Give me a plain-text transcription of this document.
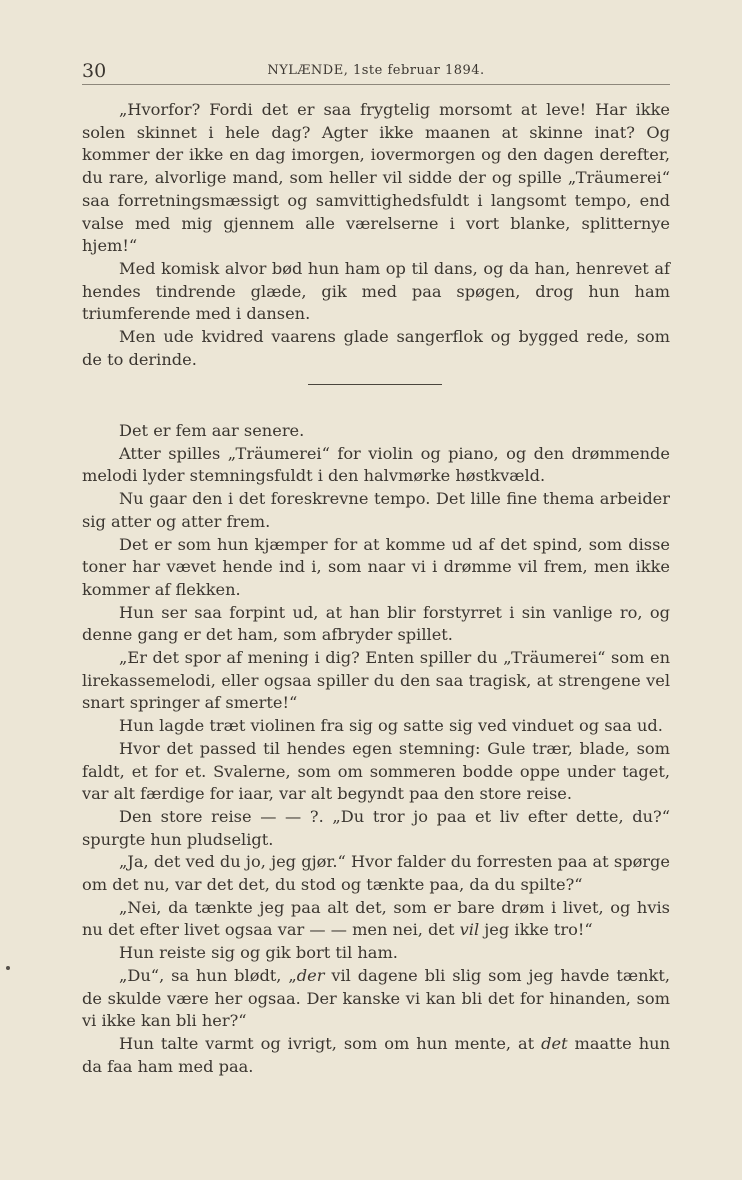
30	NYLÆNDE, 1ste februar 1894.

„Hvorfor? Fordi det er saa frygtelig morsomt at leve! Har ikke solen skinnet i hele dag? Agter ikke maanen at skinne inat? Og kommer der ikke en dag imorgen, iovermorgen og den dagen derefter, du rare, alvorlige mand, som heller vil sidde der og spille „Träumerei“ saa forretningsmæssigt og samvittighedsfuldt i langsomt tempo, end valse med mig gjennem alle værelserne i vort blanke, splitternye hjem!“

Med komisk alvor bød hun ham op til dans, og da han, henrevet af hendes tindrende glæde, gik med paa spøgen, drog hun ham triumferende med i dansen.

Men ude kvidred vaarens glade sangerflok og bygged rede, som de to derinde.

Det er fem aar senere.

Atter spilles „Träumerei“ for violin og piano, og den drømmende melodi lyder stemningsfuldt i den halvmørke høstkvæld.

Nu gaar den i det foreskrevne tempo. Det lille fine thema arbeider sig atter og atter frem.

Det er som hun kjæmper for at komme ud af det spind, som disse toner har vævet hende ind i, som naar vi i drømme vil frem, men ikke kommer af flekken.

Hun ser saa forpint ud, at han blir forstyrret i sin vanlige ro, og denne gang er det ham, som afbryder spillet.

„Er det spor af mening i dig? Enten spiller du „Träumerei“ som en lirekassemelodi, eller ogsaa spiller du den saa tragisk, at strengene vel snart springer af smerte!“

Hun lagde træt violinen fra sig og satte sig ved vinduet og saa ud.

Hvor det passed til hendes egen stemning: Gule trær, blade, som faldt, et for et. Svalerne, som om sommeren bodde oppe under taget, var alt færdige for iaar, var alt begyndt paa den store reise.

Den store reise — — ?. „Du tror jo paa et liv efter dette, du?“ spurgte hun pludseligt.

„Ja, det ved du jo, jeg gjør.“ Hvor falder du forresten paa at spørge om det nu, var det det, du stod og tænkte paa, da du spilte?“

„Nei, da tænkte jeg paa alt det, som er bare drøm i livet, og hvis nu det efter livet ogsaa var — — men nei, det vil jeg ikke tro!“

Hun reiste sig og gik bort til ham.

„Du“, sa hun blødt, „der vil dagene bli slig som jeg havde tænkt, de skulde være her ogsaa. Der kanske vi kan bli det for hinanden, som vi ikke kan bli her?“

Hun talte varmt og ivrigt, som om hun mente, at det maatte hun da faa ham med paa.
